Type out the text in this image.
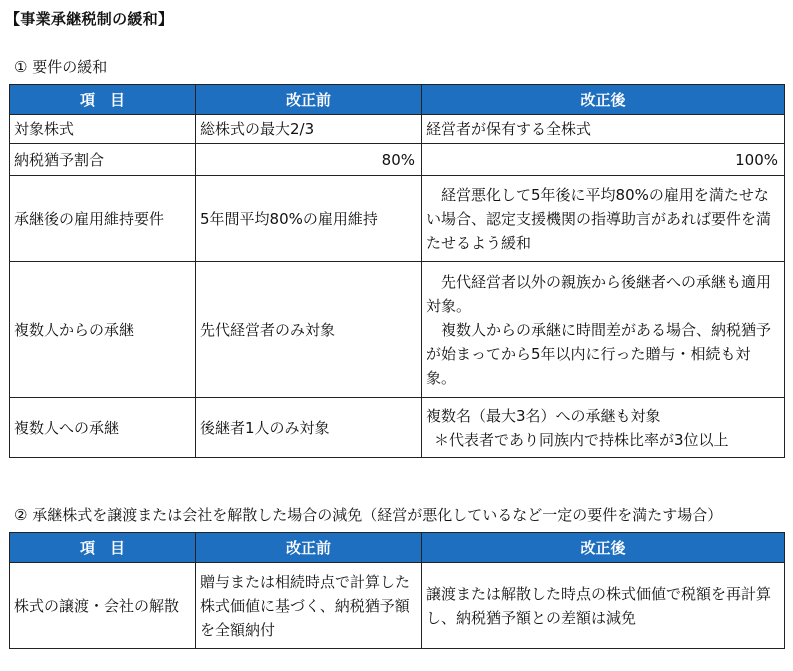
【事業承継税制の緩和】
① 要件の緩和
項　目	改正前	改正後
対象株式	総株式の最大2/3	経営者が保有する全株式
納税猶予割合	80%	100%
承継後の雇用維持要件	5年間平均80%の雇用維持	経営悪化して5年後に平均80%の雇用を満たせない場合、認定支援機関の指導助言があれば要件を満たせるよう緩和
複数人からの承継	先代経営者のみ対象	先代経営者以外の親族から後継者への承継も適用対象。
複数人からの承継に時間差がある場合、納税猶予が始まってから5年以内に行った贈与・相続も対象。

複数人への承継	後継者1人のみ対象	複数名（最大3名）への承継も対象
＊代表者であり同族内で持株比率が3位以上
② 承継株式を譲渡または会社を解散した場合の減免（経営が悪化しているなど一定の要件を満たす場合）
項　目	改正前	改正後
株式の譲渡・会社の解散	贈与または相続時点で計算した株式価値に基づく、納税猶予額を全額納付	譲渡または解散した時点の株式価値で税額を再計算し、納税猶予額との差額は減免
